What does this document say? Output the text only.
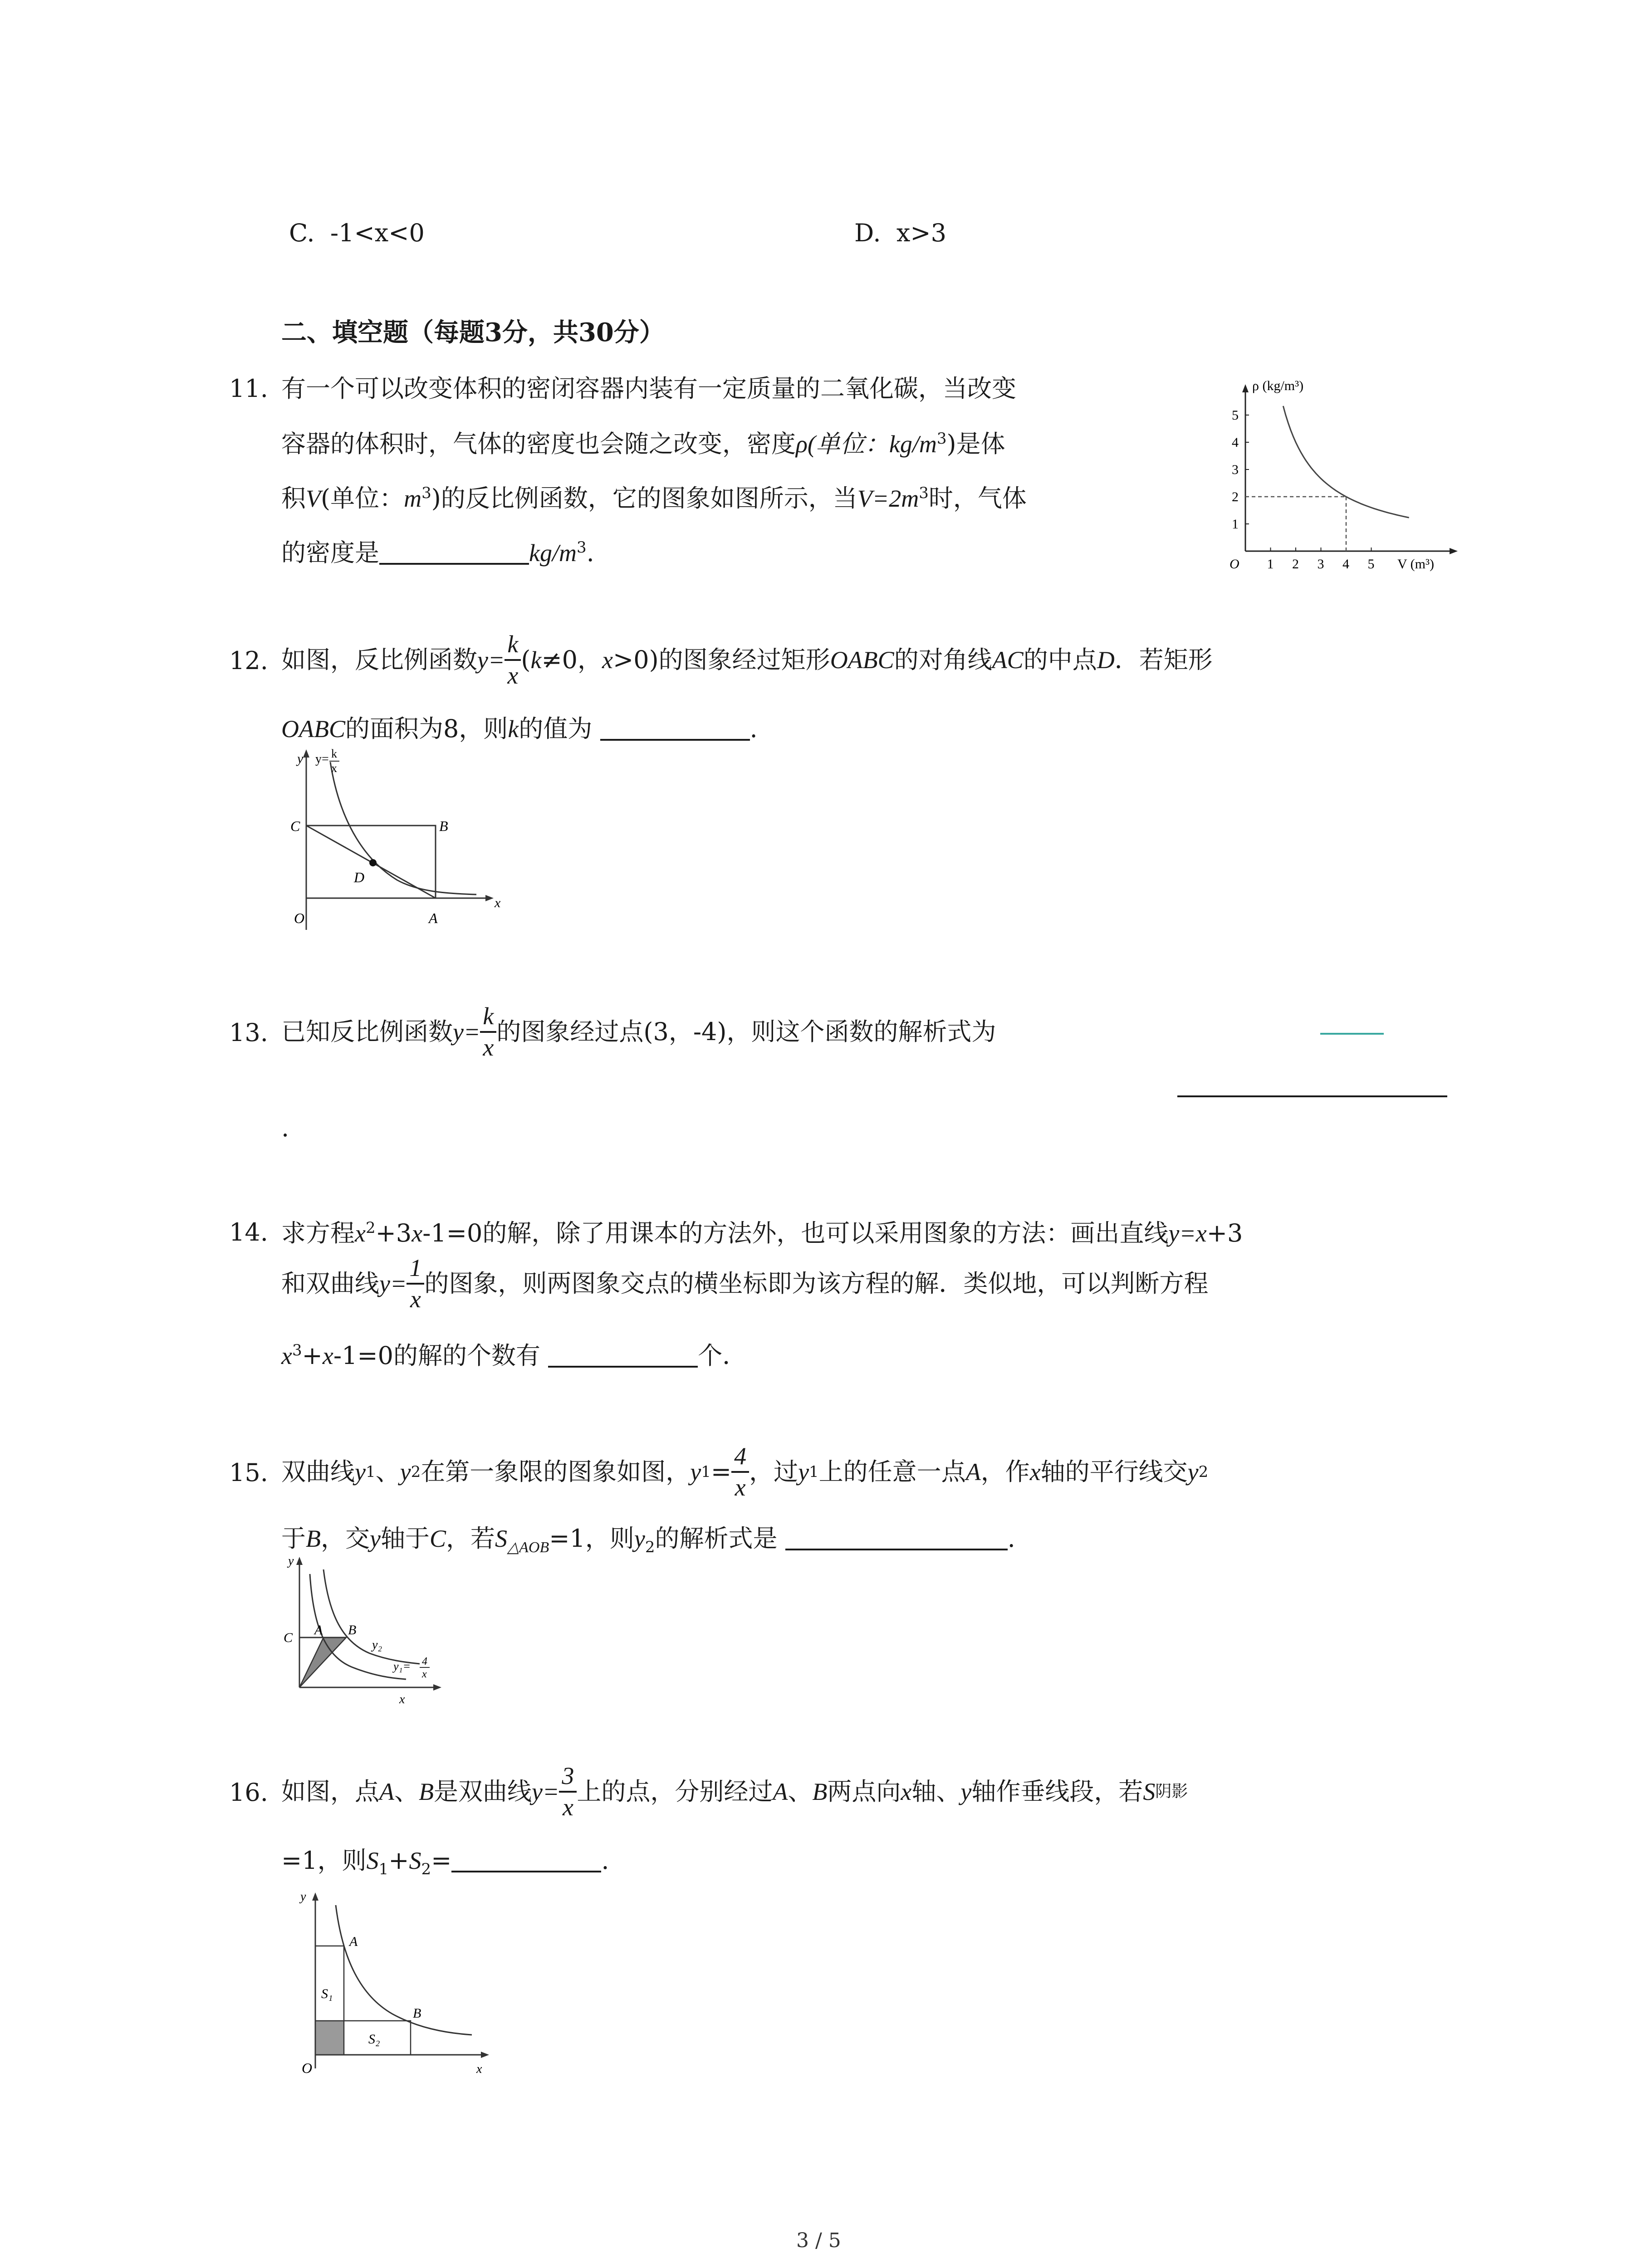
C. -1<x<0	D. x>3
二、填空题（每题3分，共30分）
11. 有一个可以改变体积的密闭容器内装有一定质量的二氧化碳，当改变
容器的体积时，气体的密度也会随之改变，密度ρ(单位：$kg/m^3$)是体
积V(单位：$m^3$)的反比例函数，它的图象如图所示，当$V=2m^3$时，气体
的密度是	$kg/m^3$.
ρ (kg/m³)
V (m³)
O 1 2 3 4 5
1
2
3
4
5
12. 如图，反比例函数 $y= \frac{k}{x}$ ( k ≠0， x >0)的图象经过矩形 OABC 的对角线 AC 的中点 D ．若矩形
OABC的面积为8，则k的值为	.
y y= k
x
C	B
D
O	A
x
13. 已知反比例函数 $y= \frac{k}{x}$ 的图象经过点(3，-4)，则这个函数的解析式为
.
14. 求方程$x^2+3x-1=0$的解，除了用课本的方法外，也可以采用图象的方法：画出直线y=x+3
和双曲线 $y= \frac{1}{x}$ 的图象，则两图象交点的横坐标即为该方程的解．类似地，可以判断方程
$x^3+x-1=0$的解的个数有	个．
15. 双曲线 y 1 、 y 2 在第一象限的图象如图， y $1 = \frac{4}{x}$ ，过 y 1 上的任意一点 A ，作 x 轴的平行线交 y 2
于B，交y轴于C，若$S_{\triangle AOB}=1$，则$y_2$的解析式是	.
y
C
A B
y₂
y₁= 4
x
x
16. 如图，点 A 、 B 是双曲线 $y= \frac{3}{x}$ 上的点，分别经过 A 、 B 两点向 x 轴、 y 轴作垂线段，若 S 阴影
=1，则$S_1+S_2=$	.
y
A
B
S₁
S₂
O	x
3 / 5
